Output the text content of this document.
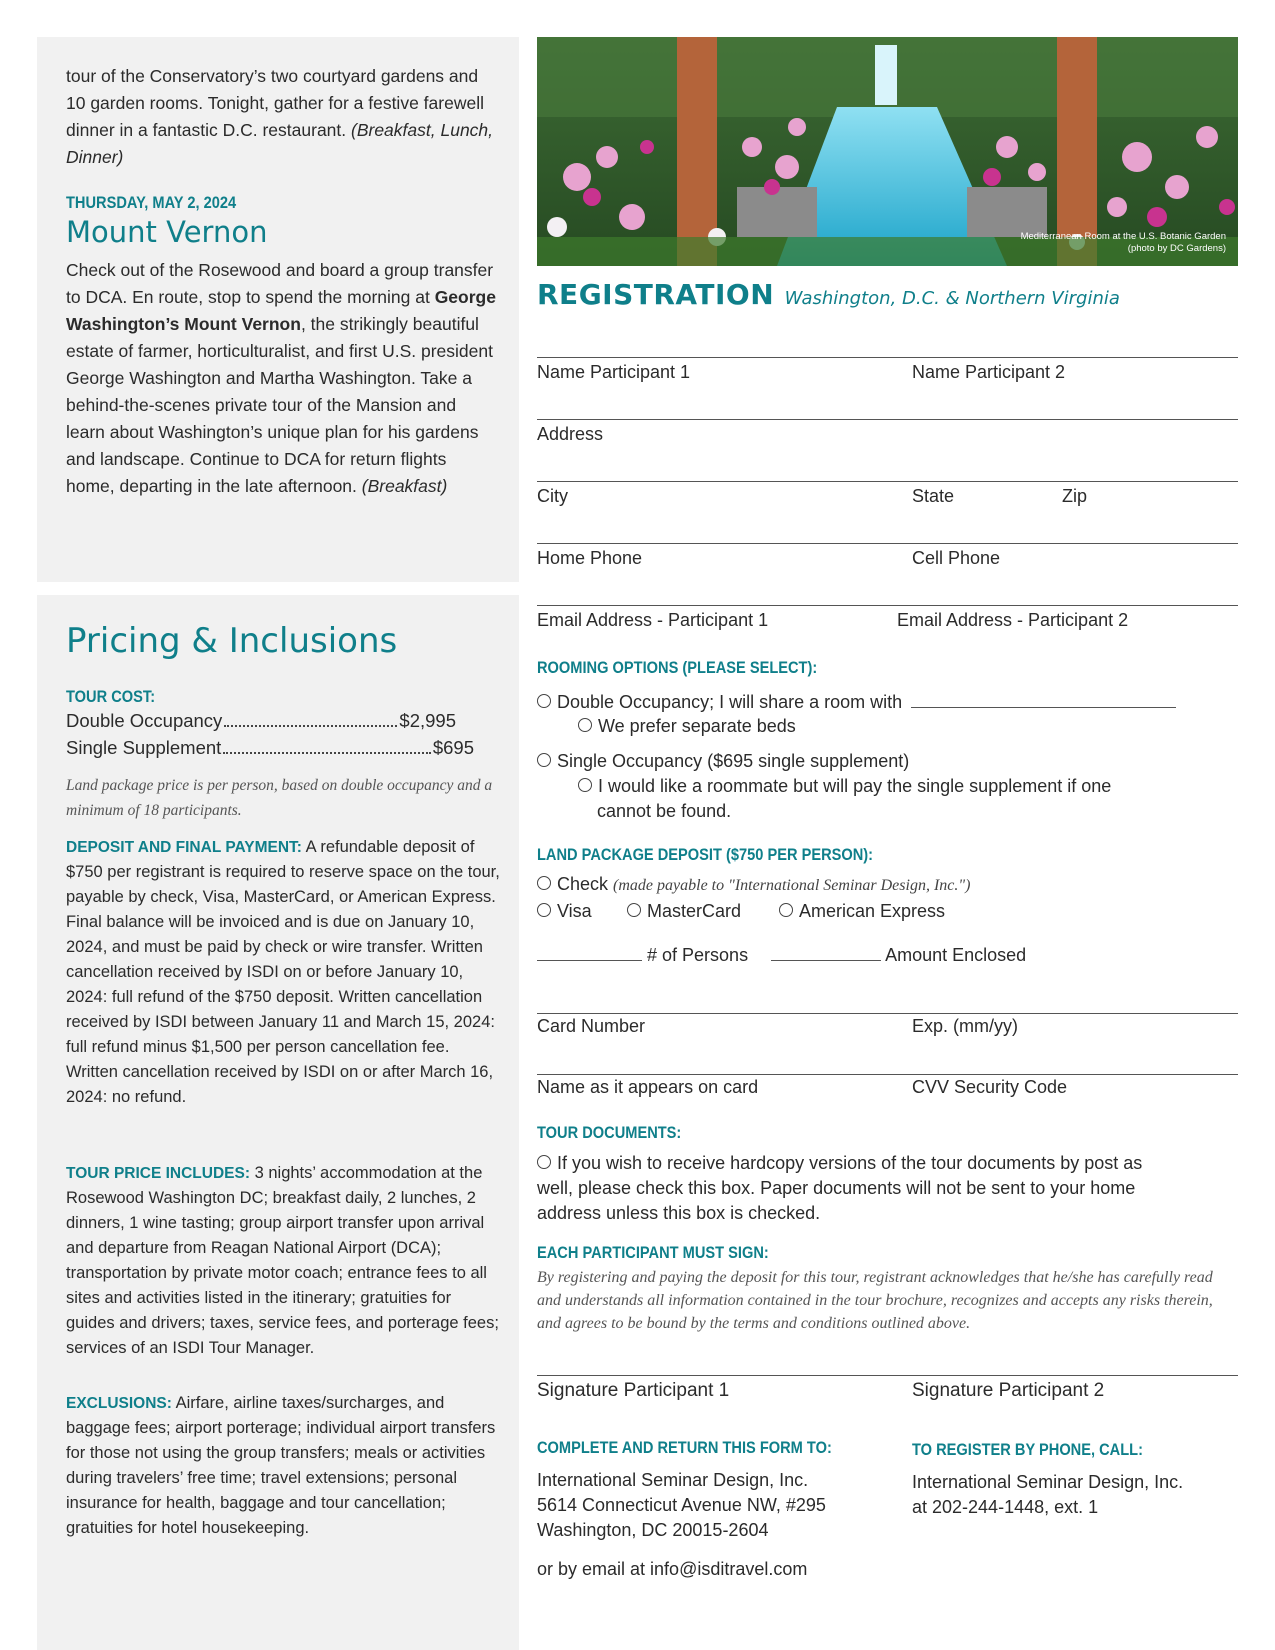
tour of the Conservatory’s two courtyard gardens and 10 garden rooms. Tonight, gather for a festive farewell dinner in a fantastic D.C. restaurant. (Breakfast, Lunch, Dinner)
THURSDAY, MAY 2, 2024
Mount Vernon
Check out of the Rosewood and board a group transfer to DCA. En route, stop to spend the morning at George Washington’s Mount Vernon, the strikingly beautiful estate of farmer, horticulturalist, and first U.S. president George Washington and Martha Washington. Take a behind-the-scenes private tour of the Mansion and learn about Washington’s unique plan for his gardens and landscape. Continue to DCA for return flights home, departing in the late afternoon. (Breakfast)
Pricing & Inclusions
TOUR COST:
Double Occupancy	$2,995
Single Supplement	$695
Land package price is per person, based on double occupancy and a minimum of 18 participants.
DEPOSIT AND FINAL PAYMENT: A refundable deposit of $750 per registrant is required to reserve space on the tour, payable by check, Visa, MasterCard, or American Express. Final balance will be invoiced and is due on January 10, 2024, and must be paid by check or wire transfer. Written cancellation received by ISDI on or before January 10, 2024: full refund of the $750 deposit. Written cancellation received by ISDI between January 11 and March 15, 2024: full refund minus $1,500 per person cancellation fee. Written cancellation received by ISDI on or after March 16, 2024: no refund.
TOUR PRICE INCLUDES: 3 nights’ accommodation at the Rosewood Washington DC; breakfast daily, 2 lunches, 2 dinners, 1 wine tasting; group airport transfer upon arrival and departure from Reagan National Airport (DCA); transportation by private motor coach; entrance fees to all sites and activities listed in the itinerary; gratuities for guides and drivers; taxes, service fees, and porterage fees; services of an ISDI Tour Manager.
EXCLUSIONS: Airfare, airline taxes/surcharges, and baggage fees; airport porterage; individual airport transfers for those not using the group transfers; meals or activities during travelers’ free time; travel extensions; personal insurance for health, baggage and tour cancellation; gratuities for hotel housekeeping.
Mediterranean Room at the U.S. Botanic Garden
(photo by DC Gardens)
REGISTRATION Washington, D.C. & Northern Virginia
Name Participant 1	Name Participant 2
Address
City	State	Zip
Home Phone	Cell Phone
Email Address - Participant 1	Email Address - Participant 2
ROOMING OPTIONS (PLEASE SELECT):
Double Occupancy; I will share a room with
We prefer separate beds
Single Occupancy ($695 single supplement)
I would like a roommate but will pay the single supplement if one
cannot be found.
LAND PACKAGE DEPOSIT ($750 PER PERSON):
Check (made payable to "International Seminar Design, Inc.")
Visa	MasterCard	American Express
# of Persons	Amount Enclosed
Card Number	Exp. (mm/yy)
Name as it appears on card	CVV Security Code
TOUR DOCUMENTS:
If you wish to receive hardcopy versions of the tour documents by post as
well, please check this box. Paper documents will not be sent to your home
address unless this box is checked.
EACH PARTICIPANT MUST SIGN:
By registering and paying the deposit for this tour, registrant acknowledges that he/she has carefully read and understands all information contained in the tour brochure, recognizes and accepts any risks therein, and agrees to be bound by the terms and conditions outlined above.
Signature Participant 1	Signature Participant 2
COMPLETE AND RETURN THIS FORM TO:
International Seminar Design, Inc.
5614 Connecticut Avenue NW, #295
Washington, DC 20015-2604
or by email at info@isditravel.com
TO REGISTER BY PHONE, CALL:
International Seminar Design, Inc.
at 202-244-1448, ext. 1
